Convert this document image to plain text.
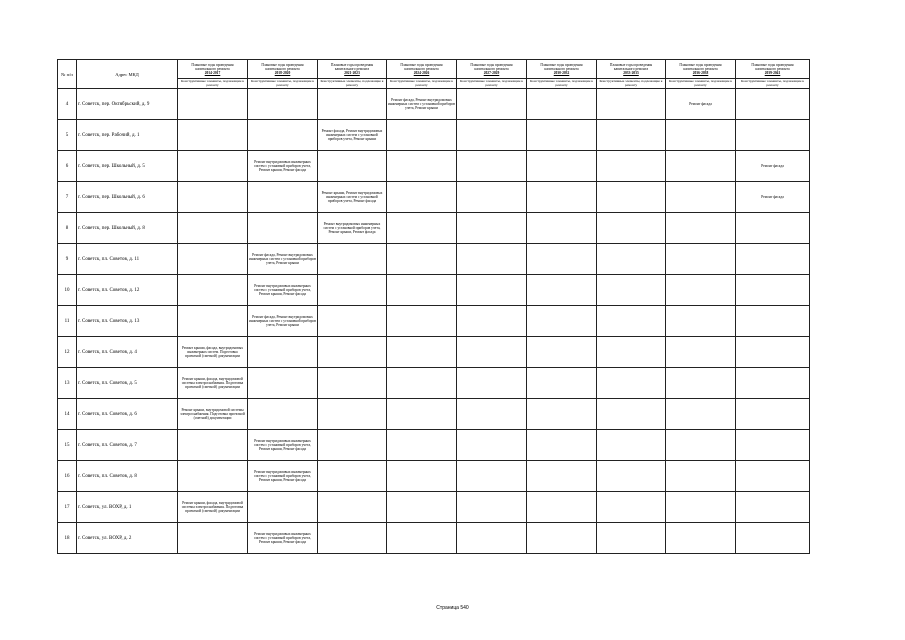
№ п/п	Адрес МКД	Плановые годы проведения
капитального ремонта
2014-2017	Плановые годы проведения
капитального ремонта
2018-2020	Плановые годы проведения
капитального ремонта
2021-2023	Плановые годы проведения
капитального ремонта
2024-2026	Плановые годы проведения
капитального ремонта
2027-2029	Плановые годы проведения
капитального ремонта
2030-2032	Плановые годы проведения
капитального ремонта
2033-2035	Плановые годы проведения
капитального ремонта
2036-2038	Плановые годы проведения
капитального ремонта
2039-2041

		Конструктивные элементы, подлежащие к ремонту	Конструктивные элементы, подлежащие к ремонту	Конструктивные элементы, подлежащие к ремонту	Конструктивные элементы, подлежащие к ремонту	Конструктивные элементы, подлежащие к ремонту	Конструктивные элементы, подлежащие к ремонту	Конструктивные элементы, подлежащие к ремонту	Конструктивные элементы, подлежащие к ремонту	Конструктивные элементы, подлежащие к ремонту
4	г. Советск, пер. Октябрьский, д. 9				Ремонт фасада, Ремонт внутридомовых инженерных систем с установкой приборов учета, Ремонт крыши				Ремонт фасада	
5	г. Советск, пер. Рабочий, д. 1			Ремонт фасада, Ремонт внутридомовых инженерных систем с установкой приборов учета, Ремонт крыши						
6	г. Советск, пер. Школьный, д. 5		Ремонт внутридомовых инженерных систем с установкой приборов учета, Ремонт крыши, Ремонт фасада							Ремонт фасада
7	г. Советск, пер. Школьный, д. 6			Ремонт крыши, Ремонт внутридомовых инженерных систем с установкой приборов учета, Ремонт фасада						Ремонт фасада
8	г. Советск, пер. Школьный, д. 8			Ремонт внутридомовых инженерных систем с установкой приборов учета, Ремонт крыши, Ремонт фасада						
9	г. Советск, пл. Советов, д. 11		Ремонт фасада, Ремонт внутридомовых инженерных систем с установкой приборов учета, Ремонт крыши							
10	г. Советск, пл. Советов, д. 12		Ремонт внутридомовых инженерных систем с установкой приборов учета, Ремонт крыши, Ремонт фасада							
11	г. Советск, пл. Советов, д. 13		Ремонт фасада, Ремонт внутридомовых инженерных систем с установкой приборов учета, Ремонт крыши							
12	г. Советск, пл. Советов, д. 4	Ремонт крыши, фасада, внутридомовых инженерных систем. Подготовка проектной (сметной) документации								
13	г. Советск, пл. Советов, д. 5	Ремонт крыши, фасада, внутридомовой системы электроснабжения. Подготовка проектной (сметной) документации								
14	г. Советск, пл. Советов, д. 6	Ремонт крыши, внутридомовой системы электроснабжения. Подготовка проектной (сметной) документации								
15	г. Советск, пл. Советов, д. 7		Ремонт внутридомовых инженерных систем с установкой приборов учета, Ремонт крыши, Ремонт фасада							
16	г. Советск, пл. Советов, д. 8		Ремонт внутридомовых инженерных систем с установкой приборов учета, Ремонт крыши, Ремонт фасада							
17	г. Советск, ул. ВОХР, д. 1	Ремонт крыши, фасада, внутридомовой системы электроснабжения. Подготовка проектной (сметной) документации								
18	г. Советск, ул. ВОХР, д. 2		Ремонт внутридомовых инженерных систем с установкой приборов учета, Ремонт крыши, Ремонт фасада							
Страница 540
